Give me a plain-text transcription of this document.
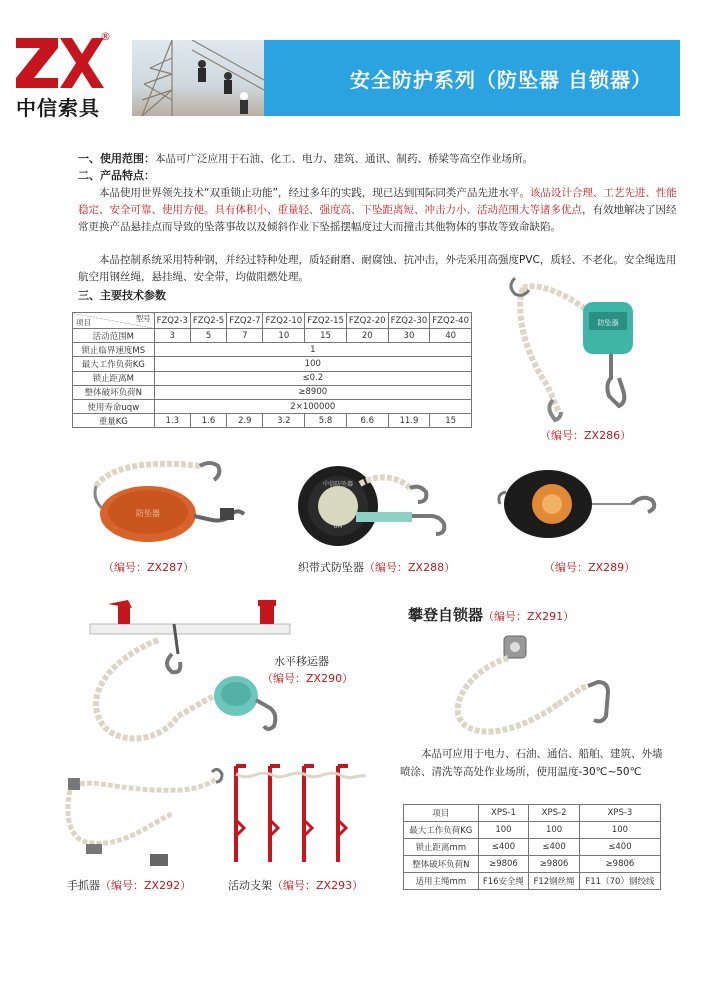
®
中信索具
安全防护系列（防坠器 自锁器）
一、使用范围：本品可广泛应用于石油、化工、电力、建筑、通讯、制药、桥梁等高空作业场所。
二、产品特点：
本品使用世界领先技术“双重锁止功能”，经过多年的实践，现已达到国际同类产品先进水平。该品设计合理、工艺先进、性能稳定、安全可靠、使用方便。具有体积小、重量轻、强度高、下坠距离短、冲击力小、活动范围大等诸多优点，有效地解决了因经常更换产品悬挂点而导致的坠落事故以及倾斜作业下坠摇摆幅度过大而撞击其他物体的事故等致命缺陷。
本品控制系统采用特种钢，并经过特种处理，质轻耐磨、耐腐蚀、抗冲击，外壳采用高强度PVC，质轻、不老化。安全绳选用航空用钢丝绳，悬挂绳、安全带，均做阻燃处理。
三、主要技术参数
型号
项目	FZQ2-3	FZQ2-5	FZQ2-7	FZQ2-10	FZQ2-15	FZQ2-20	FZQ2-30	FZQ2-40
活动范围M	3	5	7	10	15	20	30	40
锁止临界速度MS	1							
最大工作负荷KG	100							
锁止距离M	≤0.2							
整体破坏负荷N	≥8900							
使用寿命uqw	2×100000							
重量KG	1.3	1.6	2.9	3.2	5.8	6.6	11.9	15
防坠器
（编号：ZX286）
防坠器
（编号：ZX287）
中信防坠器
6M
织带式防坠器（编号：ZX288）	（编号：ZX289）
水平移运器
（编号：ZX290）
攀登自锁器（编号：ZX291）
本品可应用于电力、石油、通信、船舶、建筑、外墙喷涂、清洗等高处作业场所，使用温度-30℃~50℃
项目	XPS-1	XPS-2	XPS-3
最大工作负荷KG	100	100	100
锁止距离mm	≤400	≤400	≤400
整体破坏负荷N	≥9806	≥9806	≥9806
适用主绳mm	F16安全绳	F12钢丝绳	F11（70）钢绞线
手抓器（编号：ZX292）	活动支架（编号：ZX293）
